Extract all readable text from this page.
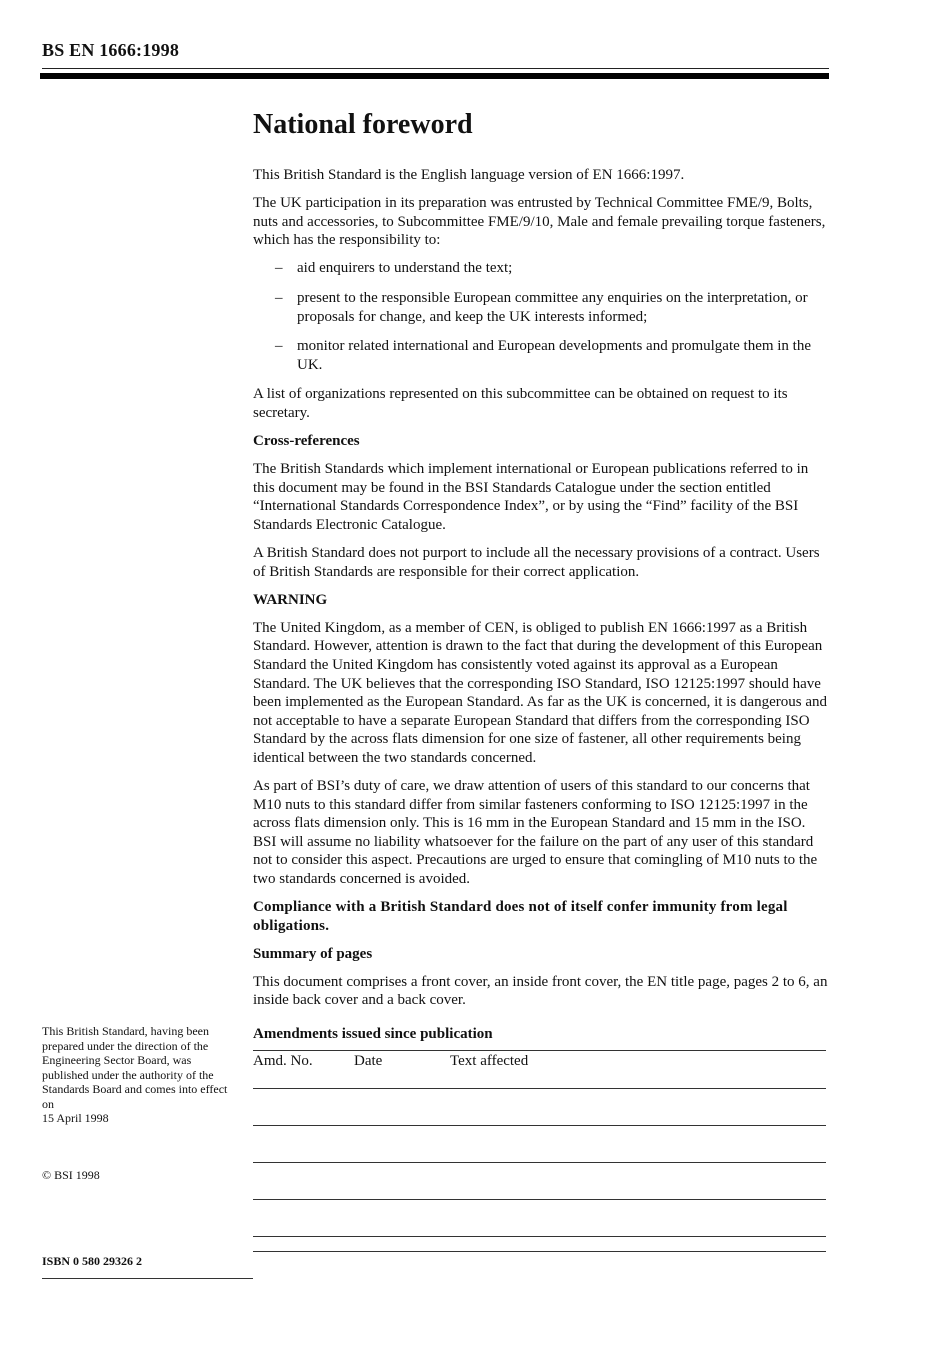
BS EN 1666:1998
National foreword

This British Standard is the English language version of EN 1666:1997.

The UK participation in its preparation was entrusted by Technical Committee FME/9, Bolts, nuts and accessories, to Subcommittee FME/9/10, Male and female prevailing torque fasteners, which has the responsibility to:

– aid enquirers to understand the text;
– present to the responsible European committee any enquiries on the interpretation, or proposals for change, and keep the UK interests informed;
– monitor related international and European developments and promulgate them in the UK.

A list of organizations represented on this subcommittee can be obtained on request to its secretary.

Cross-references

The British Standards which implement international or European publications referred to in this document may be found in the BSI Standards Catalogue under the section entitled “International Standards Correspondence Index”, or by using the “Find” facility of the BSI Standards Electronic Catalogue.

A British Standard does not purport to include all the necessary provisions of a contract. Users of British Standards are responsible for their correct application.

WARNING

The United Kingdom, as a member of CEN, is obliged to publish EN 1666:1997 as a British Standard. However, attention is drawn to the fact that during the development of this European Standard the United Kingdom has consistently voted against its approval as a European Standard. The UK believes that the corresponding ISO Standard, ISO 12125:1997 should have been implemented as the European Standard. As far as the UK is concerned, it is dangerous and not acceptable to have a separate European Standard that differs from the corresponding ISO Standard by the across flats dimension for one size of fastener, all other requirements being identical between the two standards concerned.

As part of BSI’s duty of care, we draw attention of users of this standard to our concerns that M10 nuts to this standard differ from similar fasteners conforming to ISO 12125:1997 in the across flats dimension only. This is 16 mm in the European Standard and 15 mm in the ISO. BSI will assume no liability whatsoever for the failure on the part of any user of this standard not to consider this aspect. Precautions are urged to ensure that comingling of M10 nuts to the two standards concerned is avoided.

Compliance with a British Standard does not of itself confer immunity from legal obligations.

Summary of pages

This document comprises a front cover, an inside front cover, the EN title page, pages 2 to 6, an inside back cover and a back cover.

Amendments issued since publication

Amd. No.	Date	Text affected
This British Standard, having been prepared under the direction of the Engineering Sector Board, was published under the authority of the Standards Board and comes into effect on
15 April 1998
© BSI 1998
ISBN 0 580 29326 2
